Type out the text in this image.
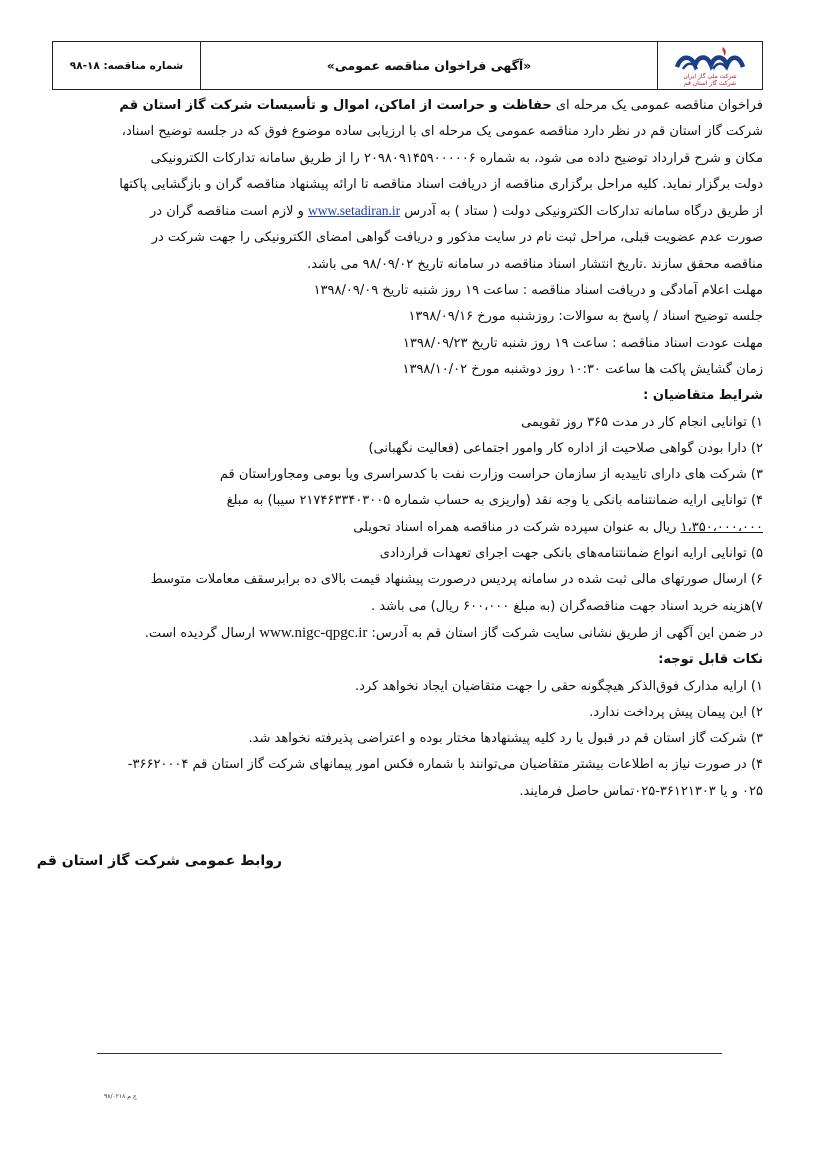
شماره مناقصه: ۱۸-۹۸	«آگهی فراخوان مناقصه عمومی»
شرکت ملی گاز ایران
شرکت گاز استان قم
فراخوان مناقصه عمومی یک مرحله ای حفاظت و حراست از اماکن، اموال و تأسیسات شرکت گاز استان قم
شرکت گاز استان قم در نظر دارد مناقصه عمومی یک مرحله ای با ارزیابی ساده موضوع فوق که در جلسه توضیح اسناد،
مکان و شرح قرارداد توضیح داده می شود، به شماره ۲۰۹۸۰۹۱۴۵۹۰۰۰۰۰۶ را از طریق سامانه تدارکات الکترونیکی
دولت برگزار نماید. کلیه مراحل برگزاری مناقصه از دریافت اسناد مناقصه تا ارائه پیشنهاد مناقصه گران و بازگشایی پاکتها
از طریق درگاه سامانه تدارکات الکترونیکی دولت ( ستاد ) به آدرس www.setadiran.ir و لازم است مناقصه گران در
صورت عدم عضویت قبلی، مراحل ثبت نام در سایت مذکور و دریافت گواهی امضای الکترونیکی را جهت شرکت در
مناقصه محقق سازند .تاریخ انتشار اسناد مناقصه در سامانه تاریخ ۹۸/۰۹/۰۲ می باشد.
مهلت اعلام آمادگی و دریافت اسناد مناقصه : ساعت ۱۹ روز شنبه تاریخ ۱۳۹۸/۰۹/۰۹
جلسه توضیح اسناد / پاسخ به سوالات: روزشنبه مورخ ۱۳۹۸/۰۹/۱۶
مهلت عودت اسناد مناقصه : ساعت ۱۹ روز شنبه تاریخ ۱۳۹۸/۰۹/۲۳
زمان گشایش پاکت ها ساعت ۱۰:۳۰ روز دوشنبه مورخ ۱۳۹۸/۱۰/۰۲
شرایط متقاضیان :
۱) توانایی انجام کار در مدت ۳۶۵ روز تقویمی
۲) دارا بودن گواهی صلاحیت از اداره کار وامور اجتماعی (فعالیت نگهبانی)
۳) شرکت های دارای تاییدیه از سازمان حراست وزارت نفت با کدسراسری ویا بومی ومجاوراستان قم
۴) توانایی ارایه ضمانتنامه بانکی یا وجه نقد (واریزی به حساب شماره ۲۱۷۴۶۳۳۴۰۳۰۰۵ سیبا) به مبلغ
۱،۳۵۰،۰۰۰،۰۰۰ ریال به عنوان سپرده شرکت در مناقصه همراه اسناد تحویلی
۵) توانایی ارایه انواع ضمانتنامه‌های بانکی جهت اجرای تعهدات قراردادی
۶) ارسال صورتهای مالی ثبت شده در سامانه پردیس درصورت پیشنهاد قیمت بالای ده برابرسقف معاملات متوسط
۷)هزینه خرید اسناد جهت مناقصه‌گران (به مبلغ ۶۰۰،۰۰۰ ریال) می باشد .
در ضمن این آگهی از طریق نشانی سایت شرکت گاز استان قم به آدرس: www.nigc-qpgc.ir ارسال گردیده است.
نکات قابل توجه:
۱) ارایه مدارک فوق‌الذکر هیچگونه حقی را جهت متقاضیان ایجاد نخواهد کرد.
۲) این پیمان پیش پرداخت ندارد.
۳) شرکت گاز استان قم در قبول یا رد کلیه پیشنهادها مختار بوده و اعتراضی پذیرفته نخواهد شد.
۴) در صورت نیاز به اطلاعات بیشتر متقاضیان می‌توانند با شماره فکس امور پیمانهای شرکت گاز استان قم ۳۶۶۲۰۰۰۴-
۰۲۵ و یا ۳۶۱۲۱۳۰۳-۰۲۵تماس حاصل فرمایند.
روابط عمومی شرکت گاز استان قم
ج م ۹۸/۰۲۱۸
